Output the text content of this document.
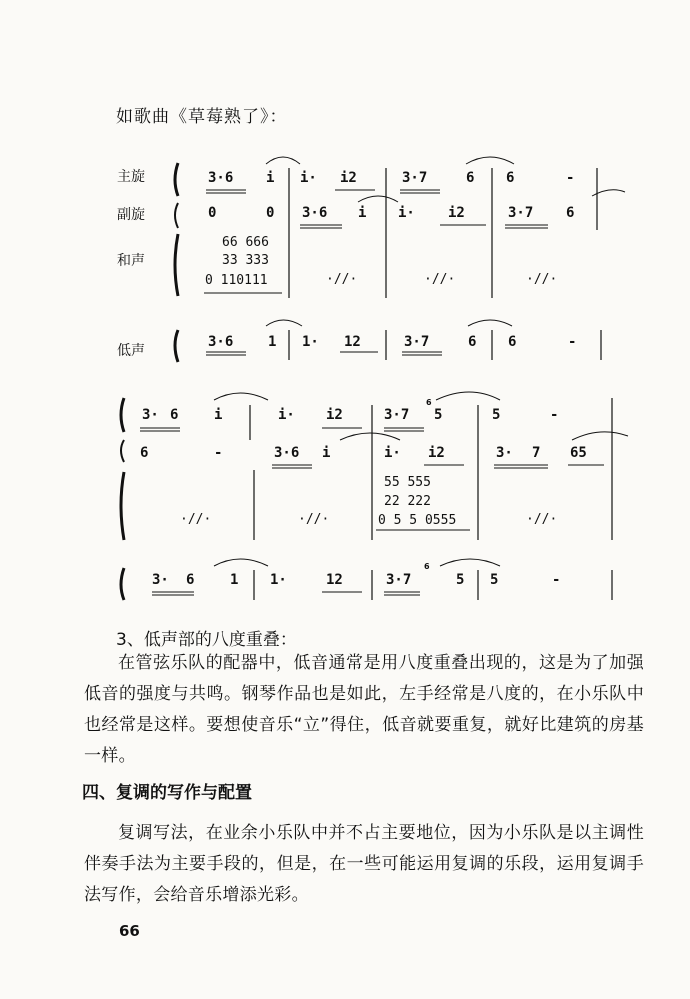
如歌曲《草莓熟了》：
主旋
副旋
和声
低声
3·6 i i· i2	3·7	6 6	-
0	0 3·6 i i· i2	3·7 6
66 666
33 333
0 110111	·//·	·//·	·//·
3·6 1 1· 12	3·7	6 6	-
3· 6	i	i· i2	3·7
6
5	5	-
6	-	3·6 i	i· i2	3· 7 65
·//·	·//·
55 555
22 222
0 5 5 0555	·//·
3· 6	1 1·	12	3·7
6
5 5	-
3、低声部的八度重叠：
在管弦乐队的配器中，低音通常是用八度重叠出现的，这是为了加强低音的强度与共鸣。钢琴作品也是如此，左手经常是八度的，在小乐队中也经常是这样。要想使音乐“立”得住，低音就要重复，就好比建筑的房基一样。
四、复调的写作与配置
复调写法，在业余小乐队中并不占主要地位，因为小乐队是以主调性伴奏手法为主要手段的，但是，在一些可能运用复调的乐段，运用复调手法写作，会给音乐增添光彩。
66
